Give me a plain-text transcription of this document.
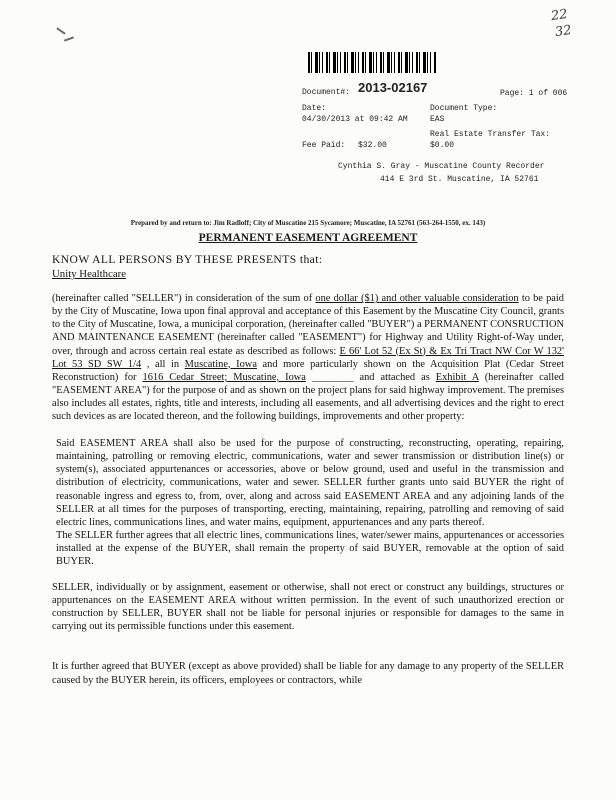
22
32
Document#: 2013-02167	Page: 1 of 006
Date:	Document Type:
04/30/2013 at 09:42 AM	EAS
Real Estate Transfer Tax:
Fee Paid: $32.00	$0.00
Cynthia S. Gray - Muscatine County Recorder
414 E 3rd St. Muscatine, IA 52761
Prepared by and return to: Jim Radloff; City of Muscatine 215 Sycamore; Muscatine, IA 52761 (563-264-1550, ex. 143)
PERMANENT EASEMENT AGREEMENT
KNOW ALL PERSONS BY THESE PRESENTS that:
Unity Healthcare

(hereinafter called "SELLER") in consideration of the sum of one dollar ($1) and other valuable consideration to be paid by the City of Muscatine, Iowa upon final approval and acceptance of this Easement by the Muscatine City Council, grants to the City of Muscatine, Iowa, a municipal corporation, (hereinafter called "BUYER") a PERMANENT CONSRUCTION AND MAINTENANCE EASEMENT (hereinafter called "EASEMENT") for Highway and Utility Right-of-Way under, over, through and across certain real estate as described as follows: E 66' Lot 52 (Ex St) & Ex Tri Tract NW Cor W 132' Lot 53 SD SW 1/4 , all in Muscatine, Iowa and more particularly shown on the Acquisition Plat (Cedar Street Reconstruction) for 1616 Cedar Street; Muscatine, Iowa ________ and attached as Exhibit A (hereinafter called "EASEMENT AREA") for the purpose of and as shown on the project plans for said highway improvement. The premises also includes all estates, rights, title and interests, including all easements, and all advertising devices and the right to erect such devices as are located thereon, and the following buildings, improvements and other property:

Said EASEMENT AREA shall also be used for the purpose of constructing, reconstructing, operating, repairing, maintaining, patrolling or removing electric, communications, water and sewer transmission or distribution line(s) or system(s), associated appurtenances or accessories, above or below ground, used and useful in the transmission and distribution of electricity, communications, water and sewer. SELLER further grants unto said BUYER the right of reasonable ingress and egress to, from, over, along and across said EASEMENT AREA and any adjoining lands of the SELLER at all times for the purposes of transporting, erecting, maintaining, repairing, patrolling and removing of said electric lines, communications lines, and water mains, equipment, appurtenances and any parts thereof.

The SELLER further agrees that all electric lines, communications lines, water/sewer mains, appurtenances or accessories installed at the expense of the BUYER, shall remain the property of said BUYER, removable at the option of said BUYER.

SELLER, individually or by assignment, easement or otherwise, shall not erect or construct any buildings, structures or appurtenances on the EASEMENT AREA without written permission. In the event of such unauthorized erection or construction by SELLER, BUYER shall not be liable for personal injuries or responsible for damages to the same in carrying out its permissible functions under this easement.

It is further agreed that BUYER (except as above provided) shall be liable for any damage to any property of the SELLER caused by the BUYER herein, its officers, employees or contractors, while
